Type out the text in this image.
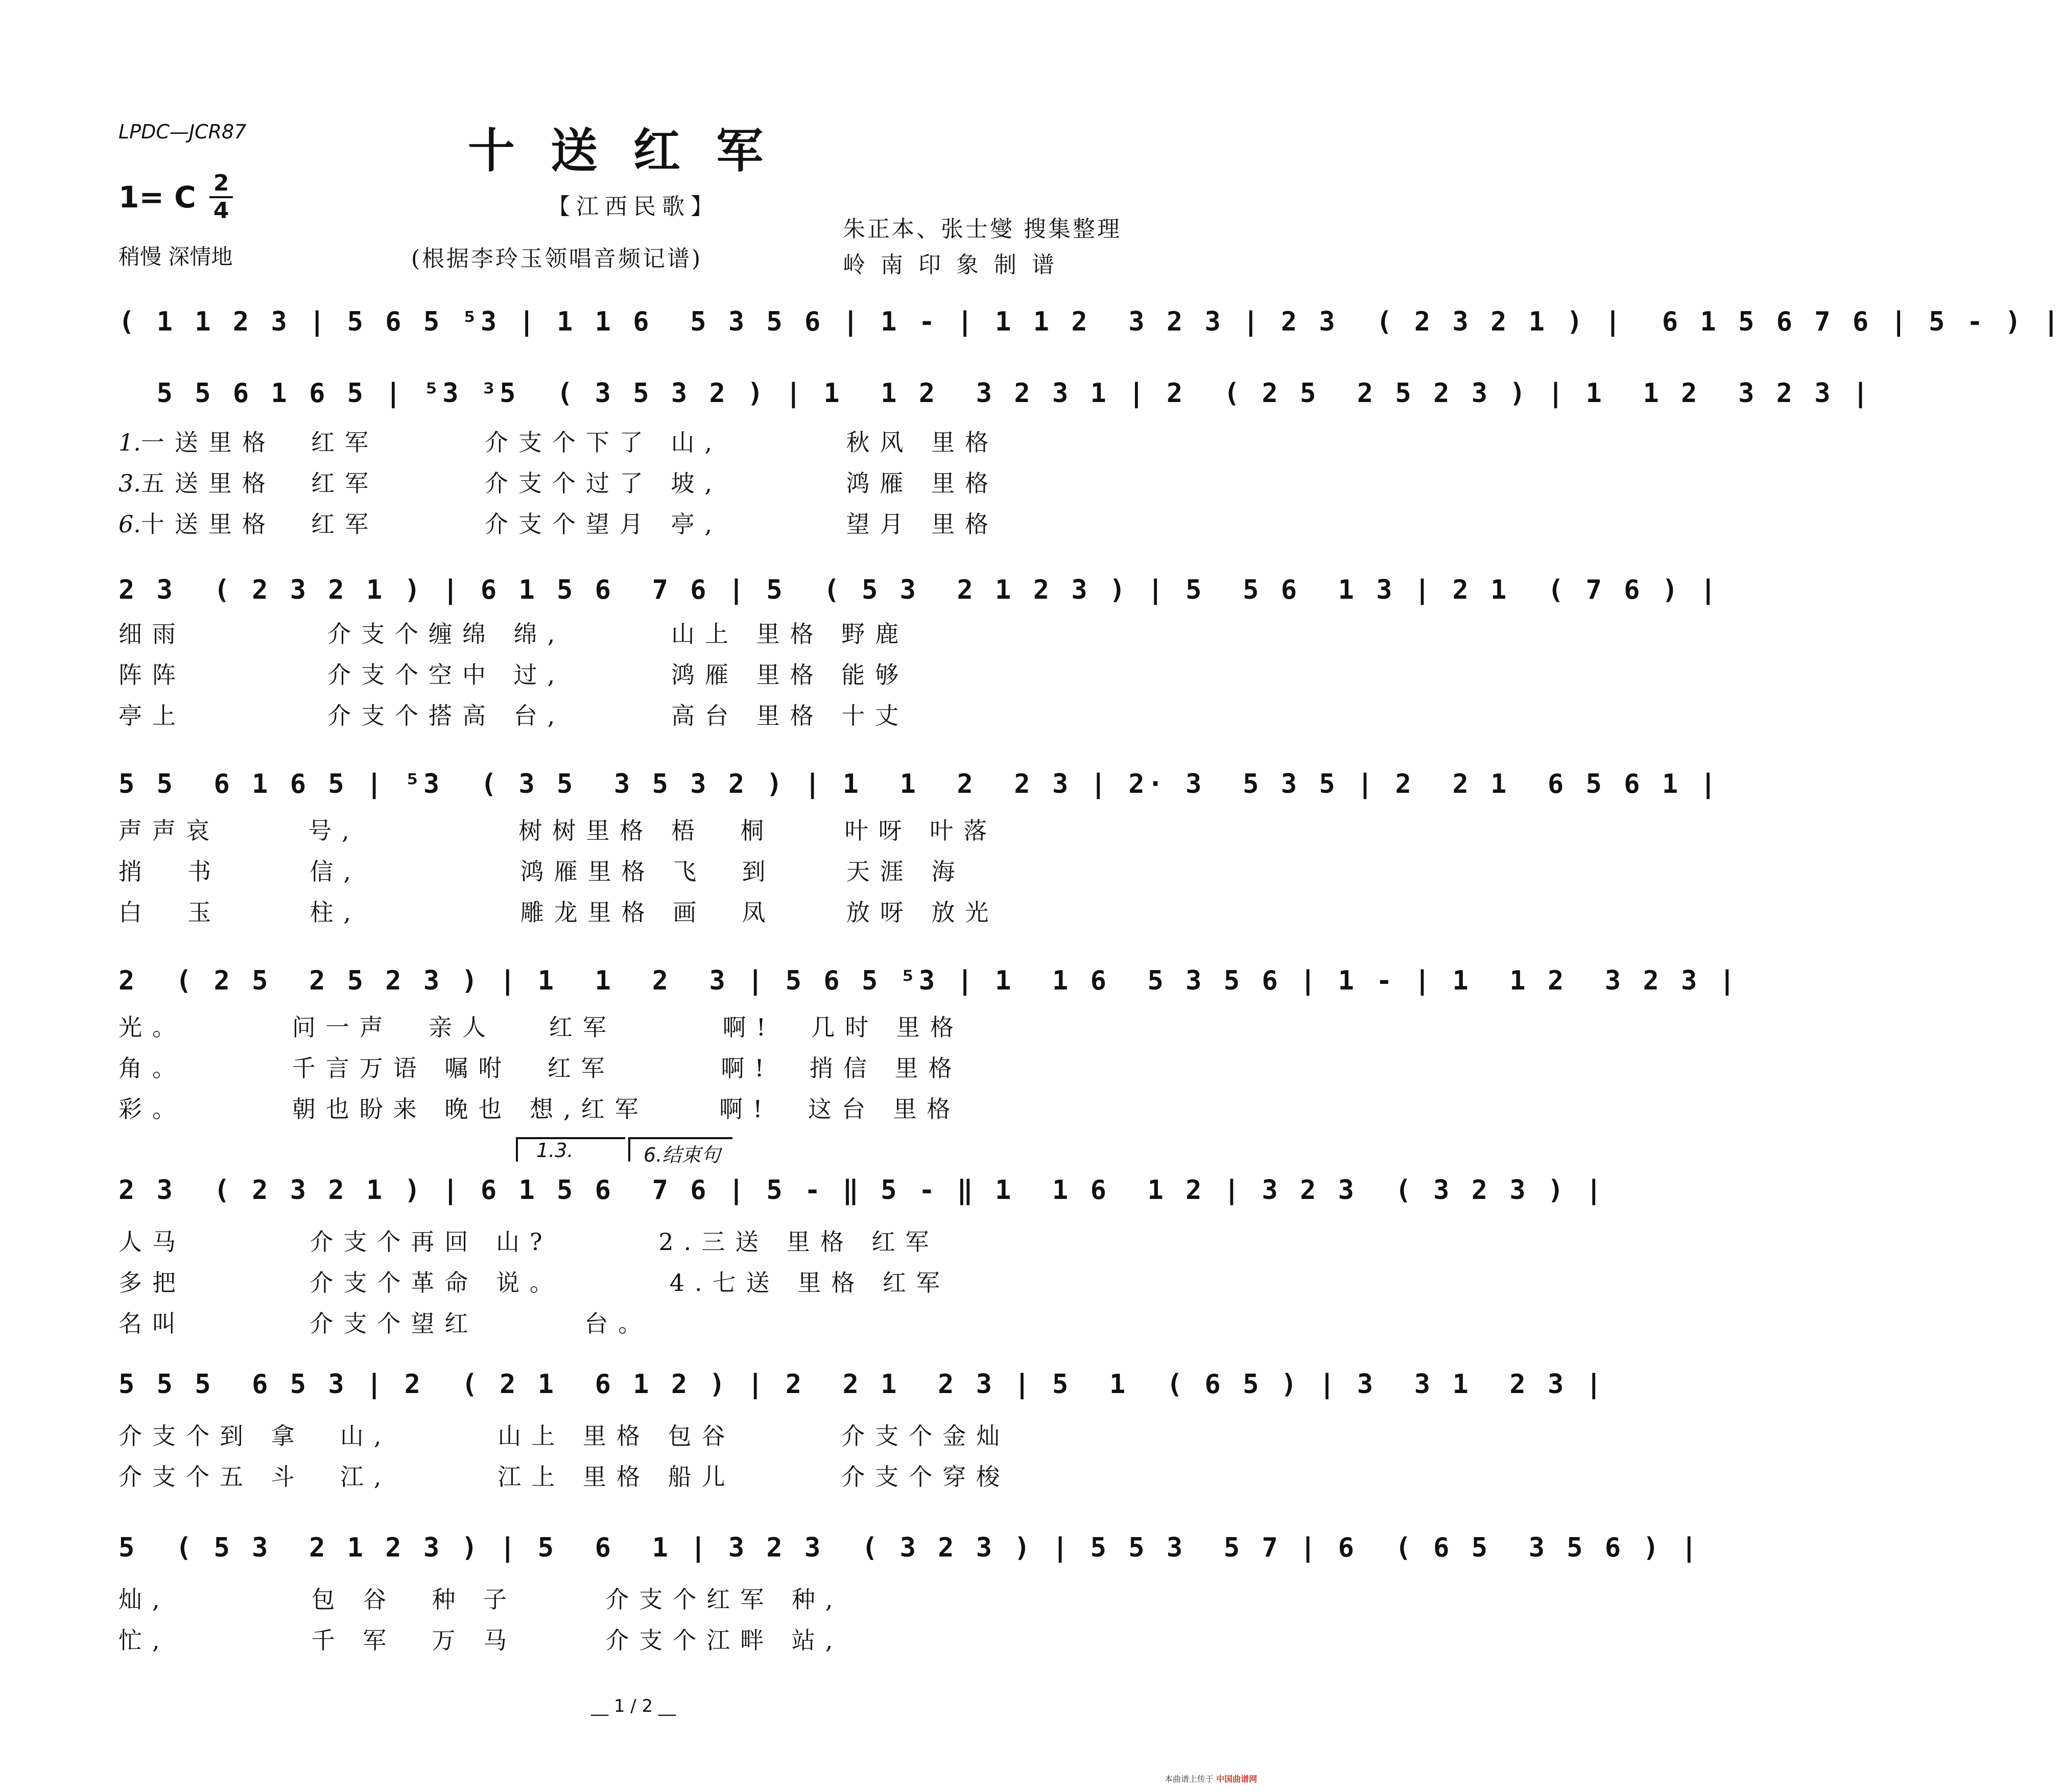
LPDC—JCR87	十送红军
1= C 2
4
稍慢 深情地
【江西民歌】
(根据李玲玉领唱音频记谱)
朱正本、张士燮 搜集整理
岭南印象制谱
( 1 1 2 3 | 5 6 5 ⁵3 | 1 1 6  5 3 5 6 | 1 - | 1 1 2  3 2 3 | 2 3  ( 2 3 2 1 ) |  6 1 5 6 7 6 | 5 - ) |
5 5 6 1 6 5 | ⁵3 ³5  ( 3 5 3 2 ) | 1  1 2  3 2 3 1 | 2  ( 2 5  2 5 2 3 ) | 1  1 2  3 2 3 |
1.一送里格  红军      介支个下了 山,       秋风 里格
3.五送里格  红军      介支个过了 坡,       鸿雁 里格
6.十送里格  红军      介支个望月 亭,       望月 里格
2 3  ( 2 3 2 1 ) | 6 1 5 6  7 6 | 5  ( 5 3  2 1 2 3 ) | 5  5 6  1 3 | 2 1  ( 7 6 ) |
细雨        介支个缠绵 绵,      山上 里格 野鹿
阵阵        介支个空中 过,      鸿雁 里格 能够
亭上        介支个搭高 台,      高台 里格 十丈
5 5  6 1 6 5 | ⁵3  ( 3 5  3 5 3 2 ) | 1  1  2  2 3 | 2· 3  5 3 5 | 2  2 1  6 5 6 1 |
声声哀     号,         树树里格 梧  桐    叶呀 叶落
捎  书     信,         鸿雁里格 飞  到    天涯 海
白  玉     柱,         雕龙里格 画  凤    放呀 放光
2  ( 2 5  2 5 2 3 ) | 1  1  2  3 | 5 6 5 ⁵3 | 1  1 6  5 3 5 6 | 1 - | 1  1 2  3 2 3 |
光。      问一声  亲人   红军      啊!  几时 里格
角。      千言万语 嘱咐  红军      啊!  捎信 里格
彩。      朝也盼来 晚也 想,红军    啊!  这台 里格
1.3.	6.结束句
2 3  ( 2 3 2 1 ) | 6 1 5 6  7 6 | 5 - ‖ 5 - ‖ 1  1 6  1 2 | 3 2 3  ( 3 2 3 ) |
人马       介支个再回 山?      2.三送 里格 红军
多把       介支个革命 说。      4.七送 里格 红军
名叫       介支个望红      台。
5 5 5  6 5 3 | 2  ( 2 1  6 1 2 ) | 2  2 1  2 3 | 5  1  ( 6 5 ) | 3  3 1  2 3 |
介支个到 拿  山,      山上 里格 包谷      介支个金灿
介支个五 斗  江,      江上 里格 船儿      介支个穿梭
5  ( 5 3  2 1 2 3 ) | 5  6  1 | 3 2 3  ( 3 2 3 ) | 5 5 3  5 7 | 6  ( 6 5  3 5 6 ) |
灿,        包 谷  种 子     介支个红军 种,
忙,        千 军  万 马     介支个江畔 站,
__ 1 / 2 __
本曲谱上传于 中国曲谱网
